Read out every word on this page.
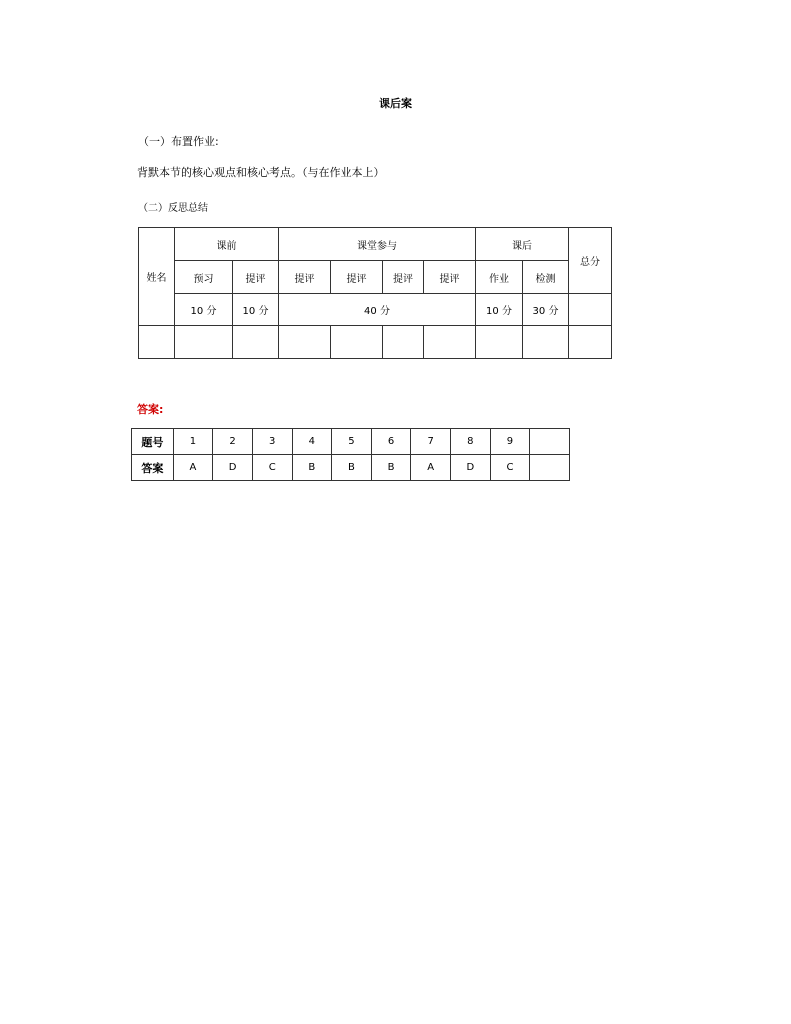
课后案
（一）布置作业:
背默本节的核心观点和核心考点。（与在作业本上）
（二）反思总结
姓名	课前		课堂参与				课后		总分
	预习	提评	提评	提评	提评	提评	作业	检测	
	10 分	10 分	40 分				10 分	30 分	

答案:
题号	1	2	3	4	5	6	7	8	9	
答案	A	D	C	B	B	B	A	D	C	
